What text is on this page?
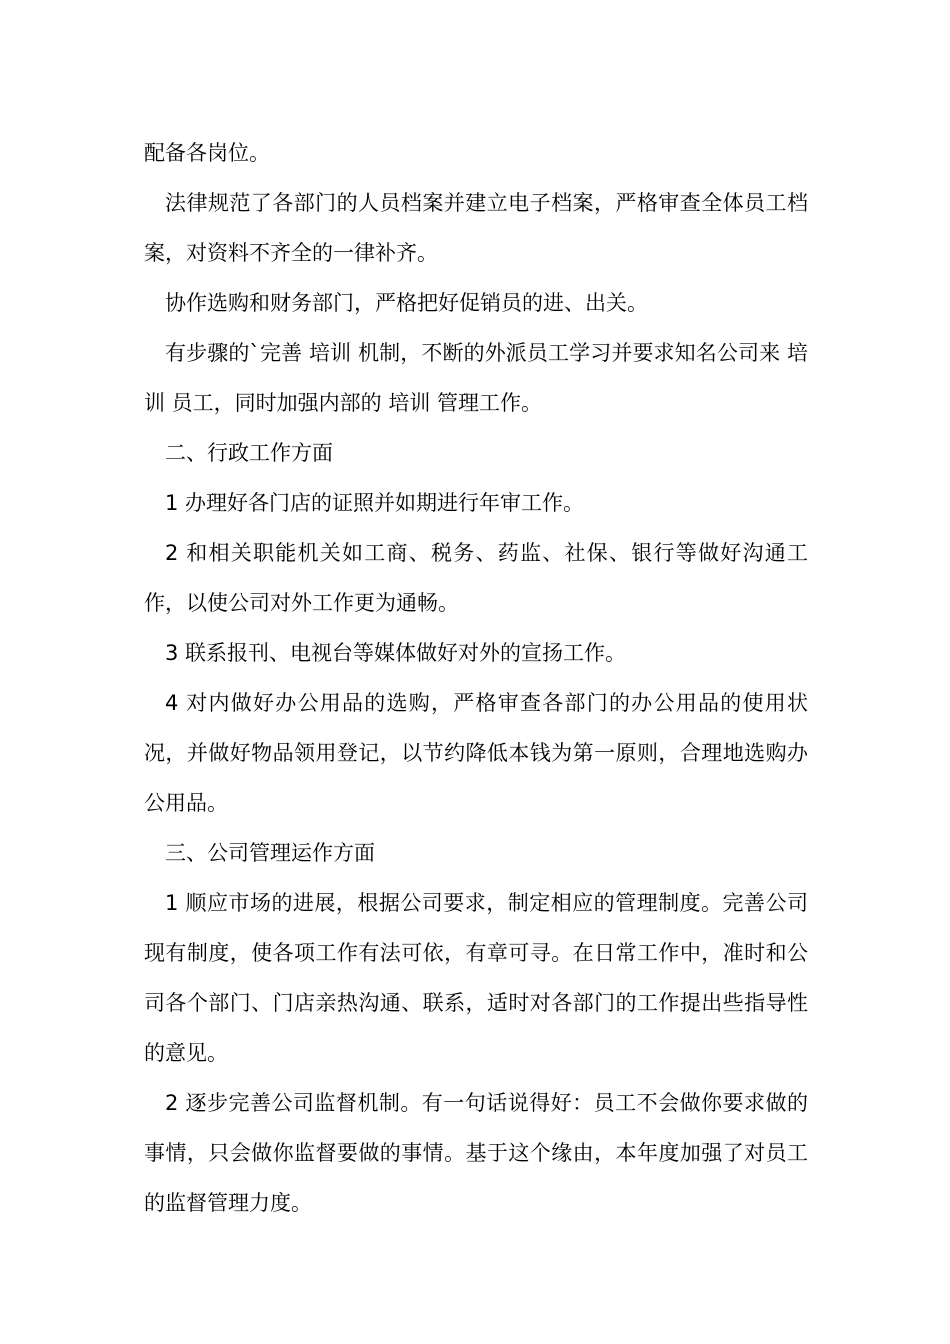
配备各岗位。

法律规范了各部门的人员档案并建立电子档案，严格审查全体员工档案，对资料不齐全的一律补齐。

协作选购和财务部门，严格把好促销员的进、出关。

有步骤的`完善 培训 机制，不断的外派员工学习并要求知名公司来 培训 员工，同时加强内部的 培训 管理工作。

二、行政工作方面

1 办理好各门店的证照并如期进行年审工作。

2 和相关职能机关如工商、税务、药监、社保、银行等做好沟通工作，以使公司对外工作更为通畅。

3 联系报刊、电视台等媒体做好对外的宣扬工作。

4 对内做好办公用品的选购，严格审查各部门的办公用品的使用状况，并做好物品领用登记，以节约降低本钱为第一原则，合理地选购办公用品。

三、公司管理运作方面

1 顺应市场的进展，根据公司要求，制定相应的管理制度。完善公司现有制度，使各项工作有法可依，有章可寻。在日常工作中，准时和公司各个部门、门店亲热沟通、联系，适时对各部门的工作提出些指导性的意见。

2 逐步完善公司监督机制。有一句话说得好：员工不会做你要求做的事情，只会做你监督要做的事情。基于这个缘由，本年度加强了对员工的监督管理力度。
